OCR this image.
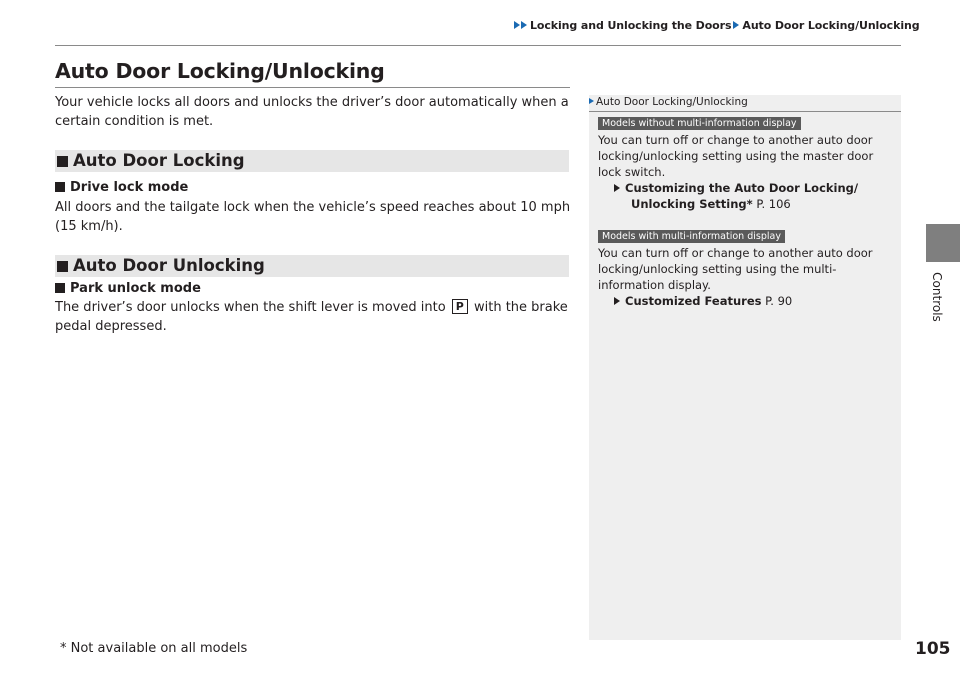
Locking and Unlocking the Doors Auto Door Locking/Unlocking
Auto Door Locking/Unlocking
Your vehicle locks all doors and unlocks the driver’s door automatically when a certain condition is met.
Auto Door Locking
Drive lock mode
All doors and the tailgate lock when the vehicle’s speed reaches about 10 mph (15 km/h).
Auto Door Unlocking
Park unlock mode
The driver’s door unlocks when the shift lever is moved into P with the brake pedal depressed.
Auto Door Locking/Unlocking
Models without multi-information display
You can turn off or change to another auto door locking/unlocking setting using the master door lock switch.
Customizing the Auto Door Locking/
Unlocking Setting* P. 106
Models with multi-information display
You can turn off or change to another auto door locking/unlocking setting using the multi-information display.
Customized Features P. 90
* Not available on all models	105
Controls
